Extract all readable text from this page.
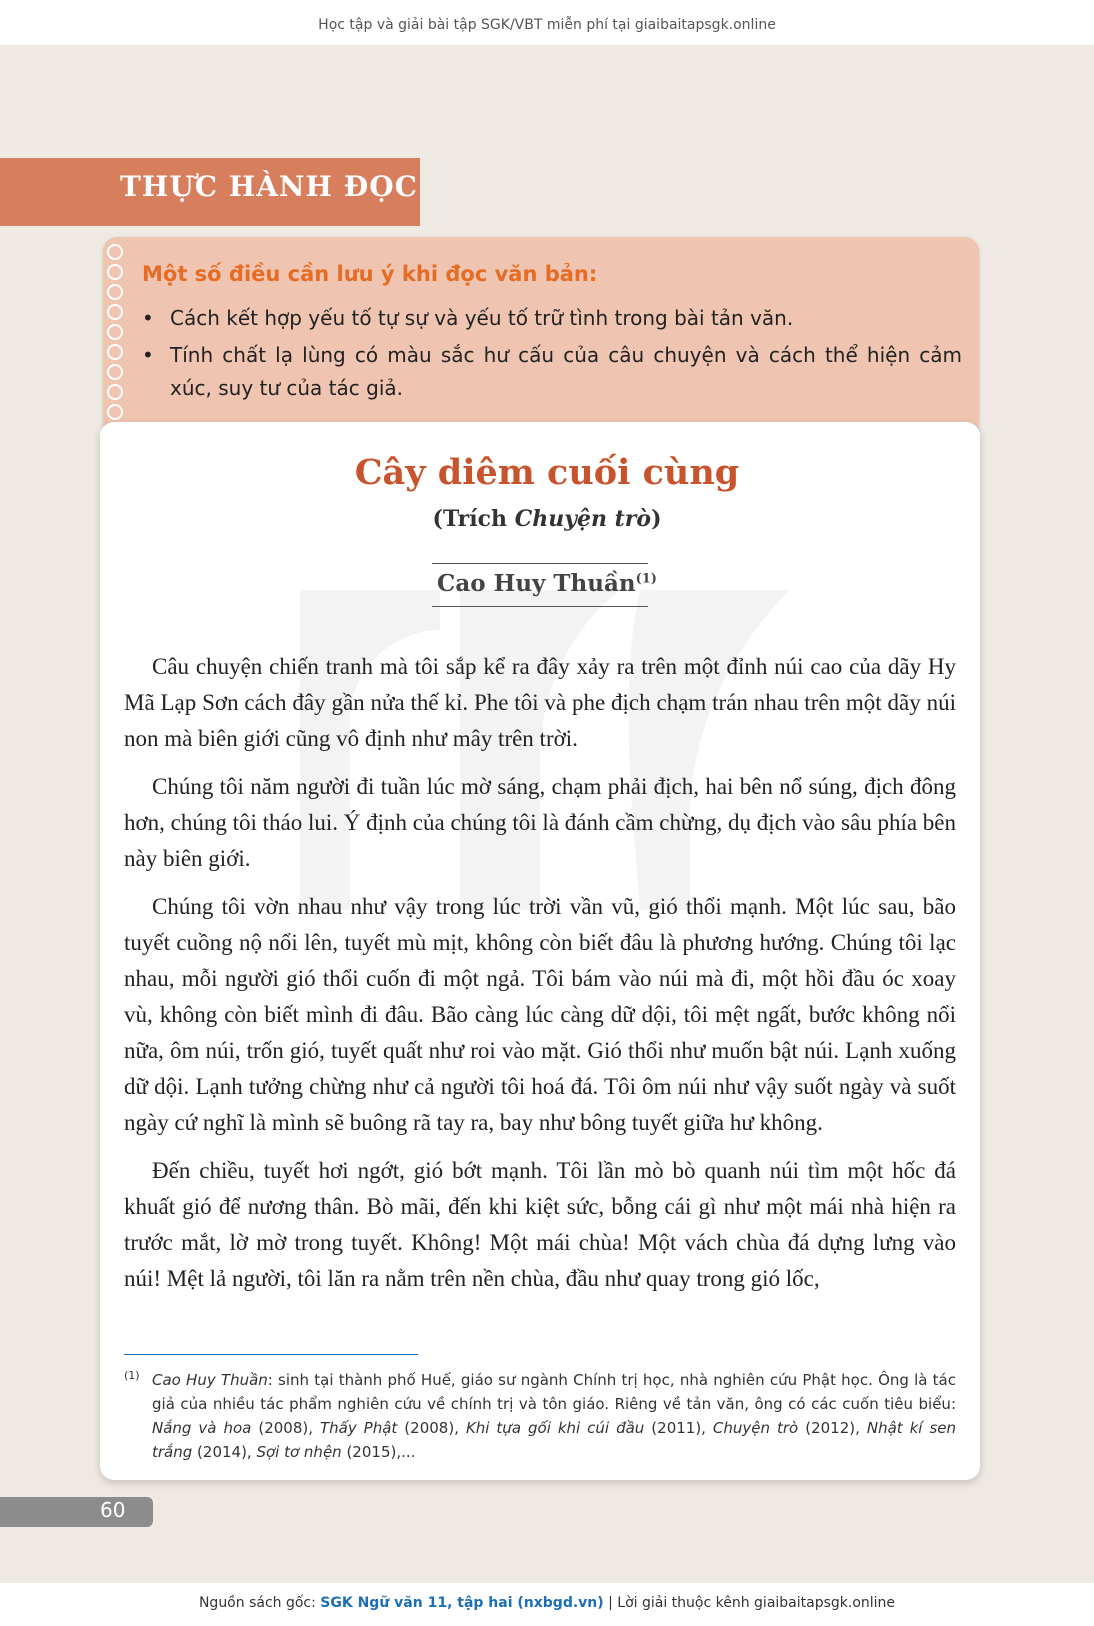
Học tập và giải bài tập SGK/VBT miễn phí tại giaibaitapsgk.online
THỰC HÀNH ĐỌC
Một số điều cần lưu ý khi đọc văn bản:
• Cách kết hợp yếu tố tự sự và yếu tố trữ tình trong bài tản văn.
• Tính chất lạ lùng có màu sắc hư cấu của câu chuyện và cách thể hiện cảm xúc, suy tư của tác giả.
Cây diêm cuối cùng
(Trích Chuyện trò)
Cao Huy Thuần$^{(1)}$

Câu chuyện chiến tranh mà tôi sắp kể ra đây xảy ra trên một đỉnh núi cao của dãy Hy Mã Lạp Sơn cách đây gần nửa thế kỉ. Phe tôi và phe địch chạm trán nhau trên một dãy núi non mà biên giới cũng vô định như mây trên trời.

Chúng tôi năm người đi tuần lúc mờ sáng, chạm phải địch, hai bên nổ súng, địch đông hơn, chúng tôi tháo lui. Ý định của chúng tôi là đánh cầm chừng, dụ địch vào sâu phía bên này biên giới.

Chúng tôi vờn nhau như vậy trong lúc trời vần vũ, gió thổi mạnh. Một lúc sau, bão tuyết cuồng nộ nổi lên, tuyết mù mịt, không còn biết đâu là phương hướng. Chúng tôi lạc nhau, mỗi người gió thổi cuốn đi một ngả. Tôi bám vào núi mà đi, một hồi đầu óc xoay vù, không còn biết mình đi đâu. Bão càng lúc càng dữ dội, tôi mệt ngất, bước không nổi nữa, ôm núi, trốn gió, tuyết quất như roi vào mặt. Gió thổi như muốn bật núi. Lạnh xuống dữ dội. Lạnh tưởng chừng như cả người tôi hoá đá. Tôi ôm núi như vậy suốt ngày và suốt ngày cứ nghĩ là mình sẽ buông rã tay ra, bay như bông tuyết giữa hư không.

Đến chiều, tuyết hơi ngớt, gió bớt mạnh. Tôi lần mò bò quanh núi tìm một hốc đá khuất gió để nương thân. Bò mãi, đến khi kiệt sức, bỗng cái gì như một mái nhà hiện ra trước mắt, lờ mờ trong tuyết. Không! Một mái chùa! Một vách chùa đá dựng lưng vào núi! Mệt lả người, tôi lăn ra nằm trên nền chùa, đầu như quay trong gió lốc,

(1) Cao Huy Thuần: sinh tại thành phố Huế, giáo sư ngành Chính trị học, nhà nghiên cứu Phật học. Ông là tác giả của nhiều tác phẩm nghiên cứu về chính trị và tôn giáo. Riêng về tản văn, ông có các cuốn tiêu biểu: Nắng và hoa (2008), Thấy Phật (2008), Khi tựa gối khi cúi đầu (2011), Chuyện trò (2012), Nhật kí sen trắng (2014), Sợi tơ nhện (2015),...
60
Nguồn sách gốc: SGK Ngữ văn 11, tập hai (nxbgd.vn) | Lời giải thuộc kênh giaibaitapsgk.online
